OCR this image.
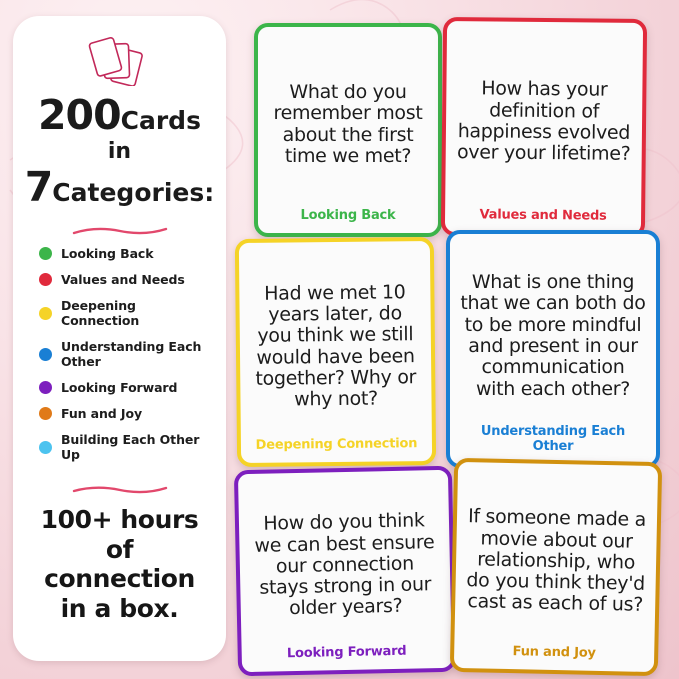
200Cards
in
7Categories:
Looking Back
Values and Needs
Deepening Connection
Understanding Each Other
Looking Forward
Fun and Joy
Building Each Other Up
100+ hours
of connection
in a box.
What do you remember most about the first time we met?
Looking Back
How has your definition of happiness evolved over your lifetime?
Values and Needs
Had we met 10 years later, do you think we still would have been together? Why or why not?
Deepening Connection
What is one thing that we can both do to be more mindful and present in our communication with each other?
Understanding Each Other
How do you think we can best ensure our connection stays strong in our older years?
Looking Forward
If someone made a movie about our relationship, who do you think they'd cast as each of us?
Fun and Joy
